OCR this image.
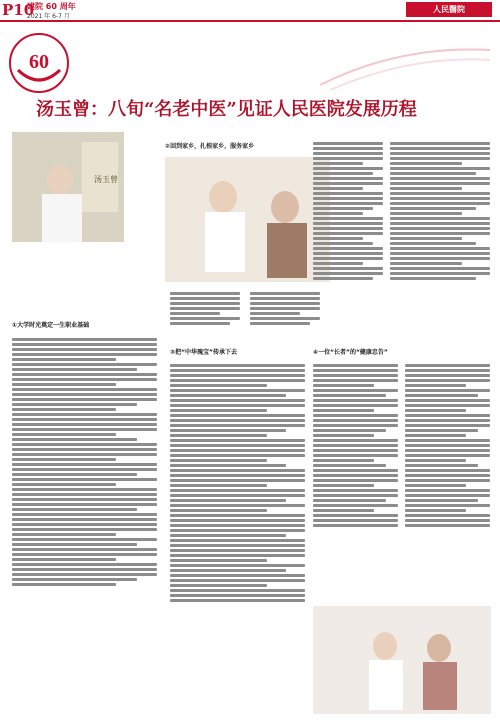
P10
建院 60 周年
2021 年 6-7 月
人民醫院
60
汤玉曾：八旬“名老中医”见证人民医院发展历程
汤玉曾
②回到家乡，扎根家乡，服务家乡
①大学时光奠定一生职业基础
③把“中华瑰宝”传承下去	④一位“长者”的“健康忠告”
